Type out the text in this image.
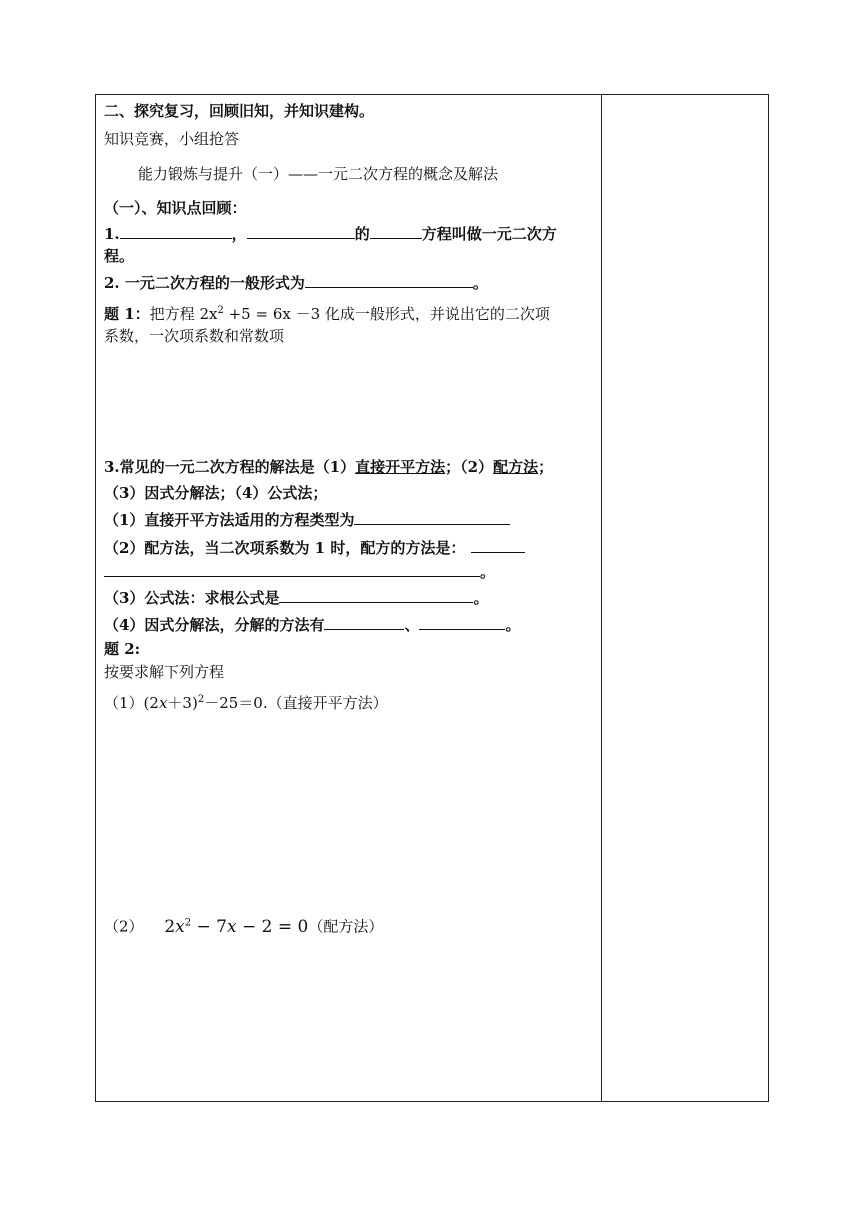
二、探究复习，回顾旧知，并知识建构。
知识竞赛，小组抢答
能力锻炼与提升（一）——一元二次方程的概念及解法
（一）、知识点回顾：
1.	，	的	方程叫做一元二次方
程。
2. 一元二次方程的一般形式为	。
题 1：把方程 $2x^2 +5 = 6x -3$ 化成一般形式，并说出它的二次项
系数，一次项系数和常数项
3.常见的一元二次方程的解法是（1）直接开平方法；（2）配方法；
（3）因式分解法；（4）公式法；
（1）直接开平方法适用的方程类型为
（2）配方法，当二次项系数为 1 时，配方的方法是：
。
（3）公式法：求根公式是	。
（4）因式分解法，分解的方法有	、	。
题 2:
按要求解下列方程
$(1)(2x+3)^2-25=0$.（直接开平方法）
（2） $2x^2 - 7x - 2 = 0$（配方法）
